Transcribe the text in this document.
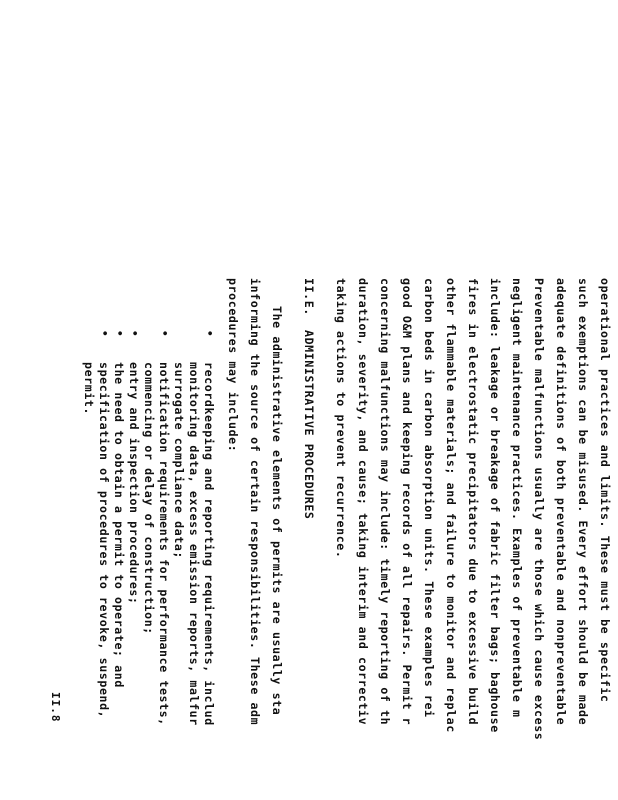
operational practices and limits. These must be specific
such exemptions can be misused. Every effort should be made
adequate definitions of both preventable and nonpreventable
Preventable malfunctions usually are those which cause excess
negligent maintenance practices. Examples of preventable m
include: leakage or breakage of fabric filter bags; baghouse
fires in electrostatic precipitators due to excessive build
other flammable materials; and failure to monitor and replac
carbon beds in carbon absorption units. These examples rei
good O&M plans and keeping records of all repairs. Permit r
concerning malfunctions may include: timely reporting of th
duration, severity, and cause; taking interim and correctiv
taking actions to prevent recurrence.
II.E.
ADMINISTRATIVE PROCEDURES
The administrative elements of permits are usually sta
informing the source of certain responsibilities. These adm
procedures may include:
•
recordkeeping and reporting requirements, includ
monitoring data, excess emission reports, malfur
surrogate compliance data;
•
notification requirements for performance tests,
commencing or delay of construction;
•
entry and inspection procedures;
•
the need to obtain a permit to operate; and
•
specification of procedures to revoke, suspend,
permit.
II.8
